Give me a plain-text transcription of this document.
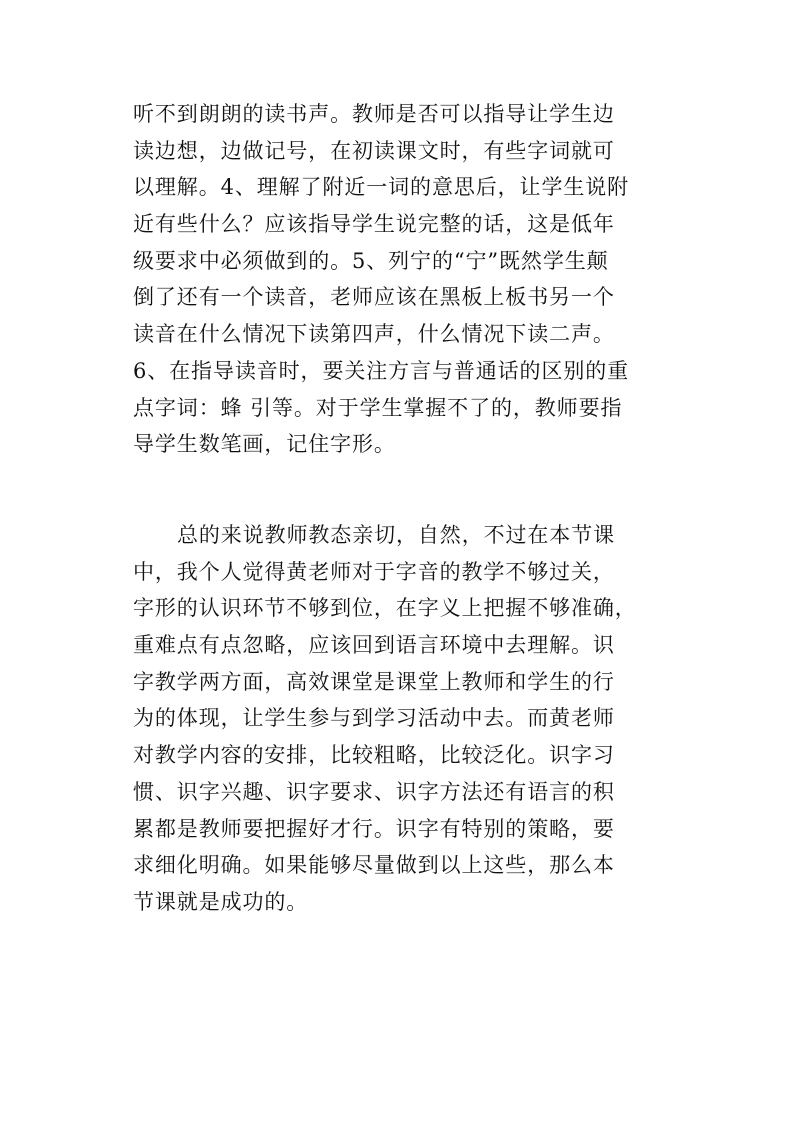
听不到朗朗的读书声。教师是否可以指导让学生边
读边想，边做记号，在初读课文时，有些字词就可
以理解。4、理解了附近一词的意思后，让学生说附
近有些什么？应该指导学生说完整的话，这是低年
级要求中必须做到的。5、列宁的“宁”既然学生颠
倒了还有一个读音，老师应该在黑板上板书另一个
读音在什么情况下读第四声，什么情况下读二声。
6、在指导读音时，要关注方言与普通话的区别的重
点字词：蜂 引等。对于学生掌握不了的，教师要指
导学生数笔画，记住字形。
总的来说教师教态亲切，自然，不过在本节课
中，我个人觉得黄老师对于字音的教学不够过关，
字形的认识环节不够到位，在字义上把握不够准确，
重难点有点忽略，应该回到语言环境中去理解。识
字教学两方面，高效课堂是课堂上教师和学生的行
为的体现，让学生参与到学习活动中去。而黄老师
对教学内容的安排，比较粗略，比较泛化。识字习
惯、识字兴趣、识字要求、识字方法还有语言的积
累都是教师要把握好才行。识字有特别的策略，要
求细化明确。如果能够尽量做到以上这些，那么本
节课就是成功的。
